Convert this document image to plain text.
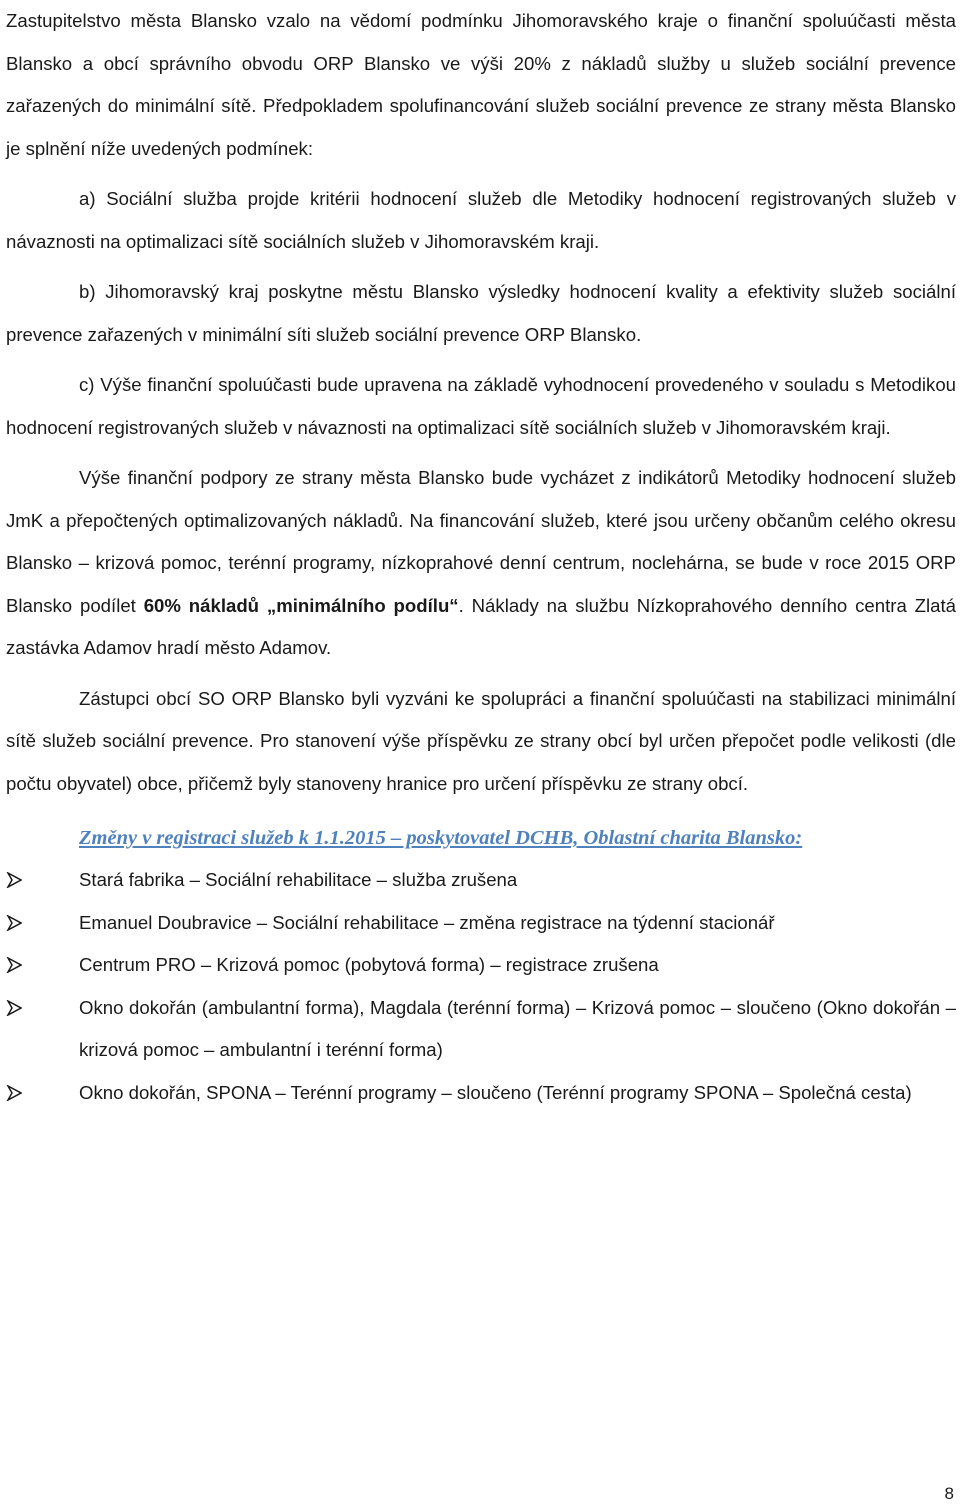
Zastupitelstvo města Blansko vzalo na vědomí podmínku Jihomoravského kraje o finanční spoluúčasti města Blansko a obcí správního obvodu ORP Blansko ve výši 20% z nákladů služby u služeb sociální prevence zařazených do minimální sítě. Předpokladem spolufinancování služeb sociální prevence ze strany města Blansko je splnění níže uvedených podmínek:

a) Sociální služba projde kritérii hodnocení služeb dle Metodiky hodnocení registrovaných služeb v návaznosti na optimalizaci sítě sociálních služeb v Jihomoravském kraji.

b) Jihomoravský kraj poskytne městu Blansko výsledky hodnocení kvality a efektivity služeb sociální prevence zařazených v minimální síti služeb sociální prevence ORP Blansko.

c) Výše finanční spoluúčasti bude upravena na základě vyhodnocení provedeného v souladu s Metodikou hodnocení registrovaných služeb v návaznosti na optimalizaci sítě sociálních služeb v Jihomoravském kraji.

Výše finanční podpory ze strany města Blansko bude vycházet z indikátorů Metodiky hodnocení služeb JmK a přepočtených optimalizovaných nákladů. Na financování služeb, které jsou určeny občanům celého okresu Blansko – krizová pomoc, terénní programy, nízkoprahové denní centrum, noclehárna, se bude v roce 2015 ORP Blansko podílet 60% nákladů „minimálního podílu“. Náklady na službu Nízkoprahového denního centra Zlatá zastávka Adamov hradí město Adamov.

Zástupci obcí SO ORP Blansko byli vyzváni ke spolupráci a finanční spoluúčasti na stabilizaci minimální sítě služeb sociální prevence. Pro stanovení výše příspěvku ze strany obcí byl určen přepočet podle velikosti (dle počtu obyvatel) obce, přičemž byly stanoveny hranice pro určení příspěvku ze strany obcí.

Změny v registraci služeb k 1.1.2015 – poskytovatel DCHB, Oblastní charita Blansko:
Stará fabrika – Sociální rehabilitace – služba zrušena
Emanuel Doubravice – Sociální rehabilitace – změna registrace na týdenní stacionář
Centrum PRO – Krizová pomoc (pobytová forma) – registrace zrušena
Okno dokořán (ambulantní forma), Magdala (terénní forma) – Krizová pomoc – sloučeno (Okno dokořán – krizová pomoc – ambulantní i terénní forma)
Okno dokořán, SPONA – Terénní programy – sloučeno (Terénní programy SPONA – Společná cesta)
8
